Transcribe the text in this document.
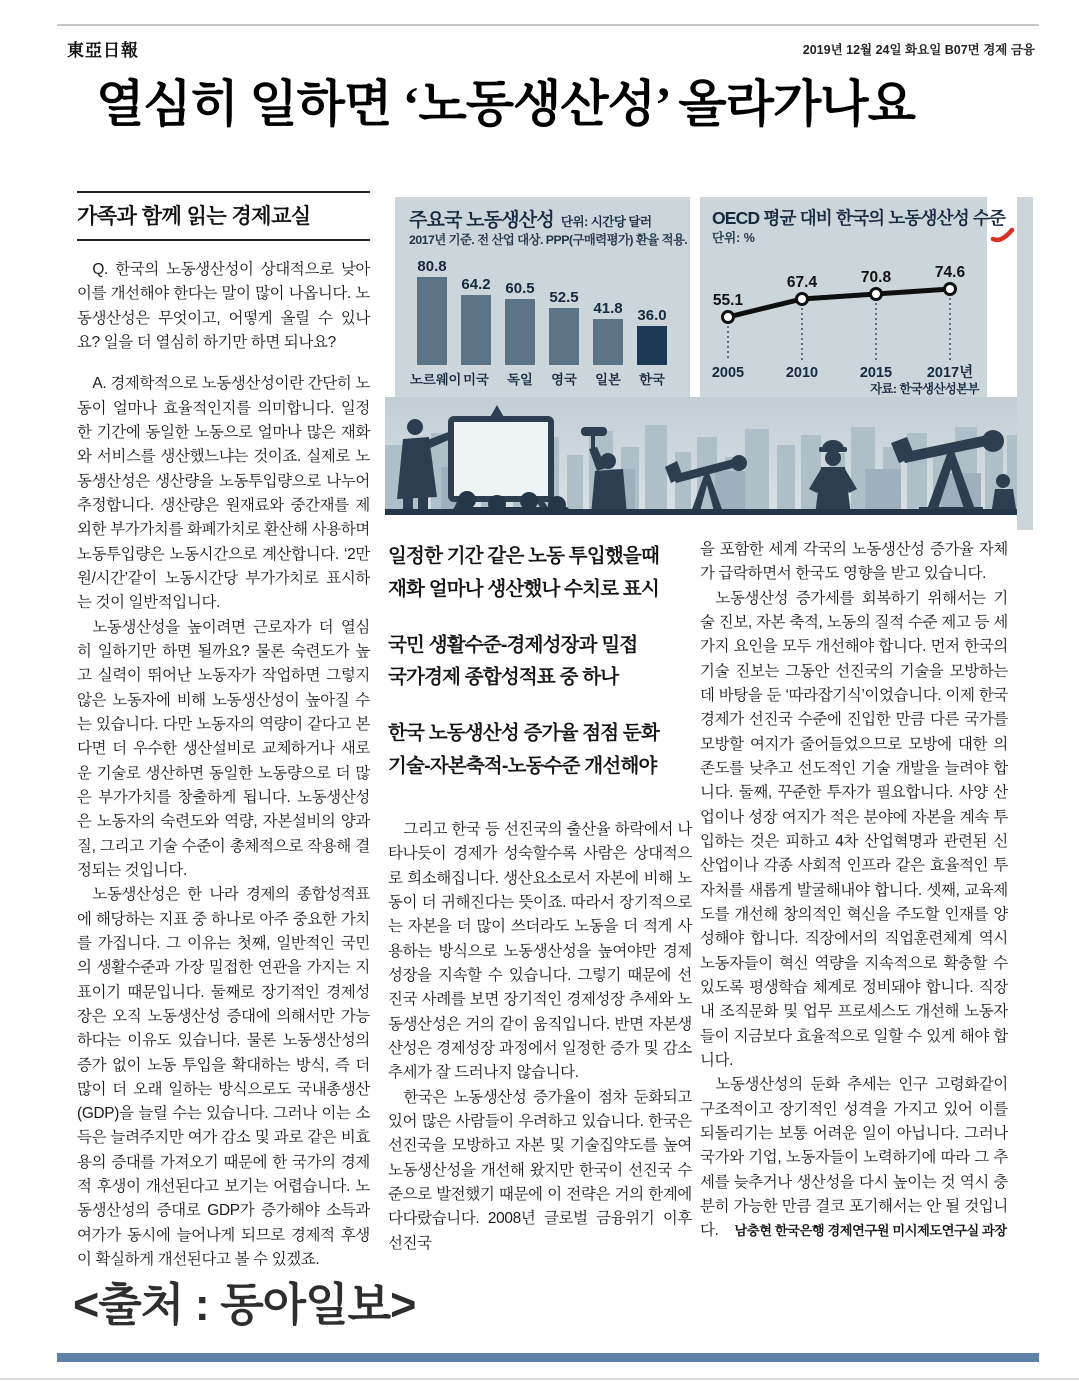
東亞日報	2019년 12월 24일 화요일 B07면 경제 금융
열심히 일하면 ‘노동생산성’ 올라가나요
가족과 함께 읽는 경제교실

Q. 한국의 노동생산성이 상대적으로 낮아 이를 개선해야 한다는 말이 많이 나옵니다. 노동생산성은 무엇이고, 어떻게 올릴 수 있나요? 일을 더 열심히 하기만 하면 되나요?

A. 경제학적으로 노동생산성이란 간단히 노동이 얼마나 효율적인지를 의미합니다. 일정한 기간에 동일한 노동으로 얼마나 많은 재화와 서비스를 생산했느냐는 것이죠. 실제로 노동생산성은 생산량을 노동투입량으로 나누어 추정합니다. 생산량은 원재료와 중간재를 제외한 부가가치를 화폐가치로 환산해 사용하며 노동투입량은 노동시간으로 계산합니다. ‘2만 원/시간’같이 노동시간당 부가가치로 표시하는 것이 일반적입니다.

노동생산성을 높이려면 근로자가 더 열심히 일하기만 하면 될까요? 물론 숙련도가 높고 실력이 뛰어난 노동자가 작업하면 그렇지 않은 노동자에 비해 노동생산성이 높아질 수는 있습니다. 다만 노동자의 역량이 같다고 본다면 더 우수한 생산설비로 교체하거나 새로운 기술로 생산하면 동일한 노동량으로 더 많은 부가가치를 창출하게 됩니다. 노동생산성은 노동자의 숙련도와 역량, 자본설비의 양과 질, 그리고 기술 수준이 총체적으로 작용해 결정되는 것입니다.

노동생산성은 한 나라 경제의 종합성적표에 해당하는 지표 중 하나로 아주 중요한 가치를 가집니다. 그 이유는 첫째, 일반적인 국민의 생활수준과 가장 밀접한 연관을 가지는 지표이기 때문입니다. 둘째로 장기적인 경제성장은 오직 노동생산성 증대에 의해서만 가능하다는 이유도 있습니다. 물론 노동생산성의 증가 없이 노동 투입을 확대하는 방식, 즉 더 많이 더 오래 일하는 방식으로도 국내총생산(GDP)을 늘릴 수는 있습니다. 그러나 이는 소득은 늘려주지만 여가 감소 및 과로 같은 비효용의 증대를 가져오기 때문에 한 국가의 경제적 후생이 개선된다고 보기는 어렵습니다. 노동생산성의 증대로 GDP가 증가해야 소득과 여가가 동시에 늘어나게 되므로 경제적 후생이 확실하게 개선된다고 볼 수 있겠죠.

주요국 노동생산성 단위: 시간당 달러
2017년 기준. 전 산업 대상. PPP(구매력평가) 환율 적용.
80.8
노르웨이
64.2
미국
60.5
독일
52.5
영국
41.8
일본
36.0
한국
OECD 평균 대비 한국의 노동생산성 수준
단위: %
55.1
2005
67.4
2010
70.8
2015
74.6
2017년
자료: 한국생산성본부
일정한 기간 같은 노동 투입했을때
재화 얼마나 생산했나 수치로 표시
국민 생활수준-경제성장과 밀접
국가경제 종합성적표 중 하나
한국 노동생산성 증가율 점점 둔화
기술-자본축적-노동수준 개선해야

그리고 한국 등 선진국의 출산율 하락에서 나타나듯이 경제가 성숙할수록 사람은 상대적으로 희소해집니다. 생산요소로서 자본에 비해 노동이 더 귀해진다는 뜻이죠. 따라서 장기적으로는 자본을 더 많이 쓰더라도 노동을 더 적게 사용하는 방식으로 노동생산성을 높여야만 경제성장을 지속할 수 있습니다. 그렇기 때문에 선진국 사례를 보면 장기적인 경제성장 추세와 노동생산성은 거의 같이 움직입니다. 반면 자본생산성은 경제성장 과정에서 일정한 증가 및 감소 추세가 잘 드러나지 않습니다.

한국은 노동생산성 증가율이 점차 둔화되고 있어 많은 사람들이 우려하고 있습니다. 한국은 선진국을 모방하고 자본 및 기술집약도를 높여 노동생산성을 개선해 왔지만 한국이 선진국 수준으로 발전했기 때문에 이 전략은 거의 한계에 다다랐습니다. 2008년 글로벌 금융위기 이후 선진국

을 포함한 세계 각국의 노동생산성 증가율 자체가 급락하면서 한국도 영향을 받고 있습니다.

노동생산성 증가세를 회복하기 위해서는 기술 진보, 자본 축적, 노동의 질적 수준 제고 등 세 가지 요인을 모두 개선해야 합니다. 먼저 한국의 기술 진보는 그동안 선진국의 기술을 모방하는 데 바탕을 둔 ‘따라잡기식’이었습니다. 이제 한국 경제가 선진국 수준에 진입한 만큼 다른 국가를 모방할 여지가 줄어들었으므로 모방에 대한 의존도를 낮추고 선도적인 기술 개발을 늘려야 합니다. 둘째, 꾸준한 투자가 필요합니다. 사양 산업이나 성장 여지가 적은 분야에 자본을 계속 투입하는 것은 피하고 4차 산업혁명과 관련된 신산업이나 각종 사회적 인프라 같은 효율적인 투자처를 새롭게 발굴해내야 합니다. 셋째, 교육제도를 개선해 창의적인 혁신을 주도할 인재를 양성해야 합니다. 직장에서의 직업훈련체계 역시 노동자들이 혁신 역량을 지속적으로 확충할 수 있도록 평생학습 체계로 정비돼야 합니다. 직장 내 조직문화 및 업무 프로세스도 개선해 노동자들이 지금보다 효율적으로 일할 수 있게 해야 합니다.

노동생산성의 둔화 추세는 인구 고령화같이 구조적이고 장기적인 성격을 가지고 있어 이를 되돌리기는 보통 어려운 일이 아닙니다. 그러나 국가와 기업, 노동자들이 노력하기에 따라 그 추세를 늦추거나 생산성을 다시 높이는 것 역시 충분히 가능한 만큼 결코 포기해서는 안 될 것입니다. 남충현 한국은행 경제연구원 미시제도연구실 과장

<출처 : 동아일보>
